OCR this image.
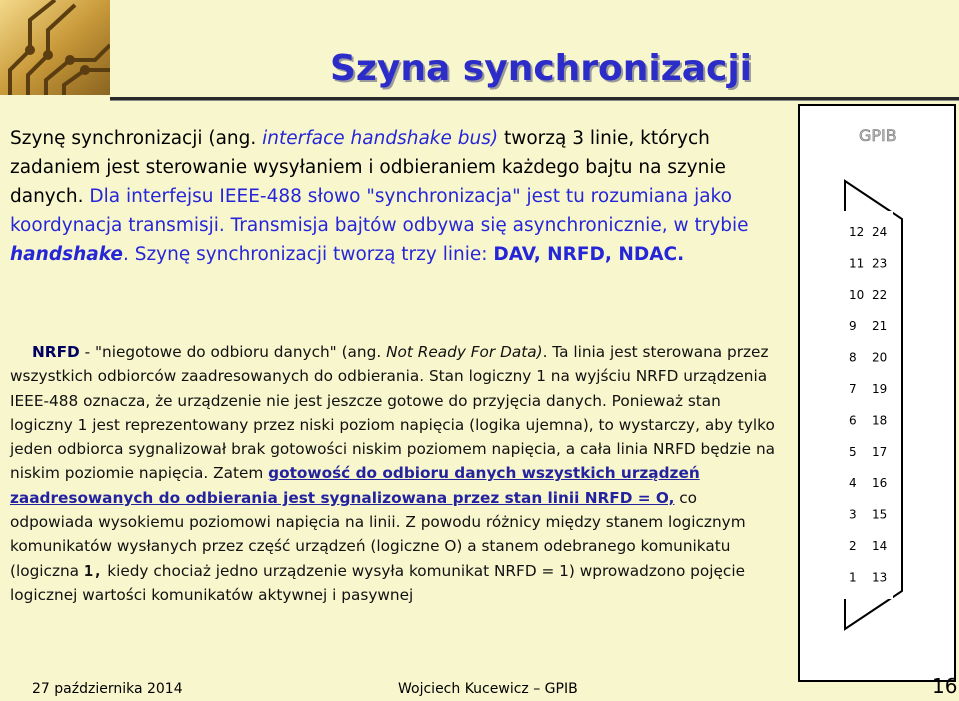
Szyna synchronizacji
Szynę synchronizacji (ang. interface handshake bus) tworzą 3 linie, których zadaniem jest sterowanie wysyłaniem i odbieraniem każdego bajtu na szynie danych. Dla interfejsu IEEE-488 słowo "synchronizacja" jest tu rozumiana jako koordynacja transmisji. Transmisja bajtów odbywa się asynchronicznie, w trybie handshake. Szynę synchronizacji tworzą trzy linie: DAV, NRFD, NDAC.
NRFD - "niegotowe do odbioru danych" (ang. Not Ready For Data). Ta linia jest sterowana przez wszystkich odbiorców zaadresowanych do odbierania. Stan logiczny 1 na wyjściu NRFD urządzenia IEEE-488 oznacza, że urządzenie nie jest jeszcze gotowe do przyjęcia danych. Ponieważ stan logiczny 1 jest reprezentowany przez niski poziom napięcia (logika ujemna), to wystarczy, aby tylko jeden odbiorca sygnalizował brak gotowości niskim poziomem napięcia, a cała linia NRFD będzie na niskim poziomie napięcia. Zatem gotowość do odbioru danych wszystkich urządzeń zaadresowanych do odbierania jest sygnalizowana przez stan linii NRFD = O, co odpowiada wysokiemu poziomowi napięcia na linii. Z powodu różnicy między stanem logicznym komunikatów wysłanych przez część urządzeń (logiczne O) a stanem odebranego komunikatu (logiczna 1, kiedy chociaż jedno urządzenie wysyła komunikat NRFD = 1) wprowadzono pojęcie logicznej wartości komunikatów aktywnej i pasywnej
GPIB
12 24
11 23
10 22
9 21
8 20
7 19
6 18
5 17
4 16
3 15
2 14
1 13
27 października 2014	Wojciech Kucewicz – GPIB	16
